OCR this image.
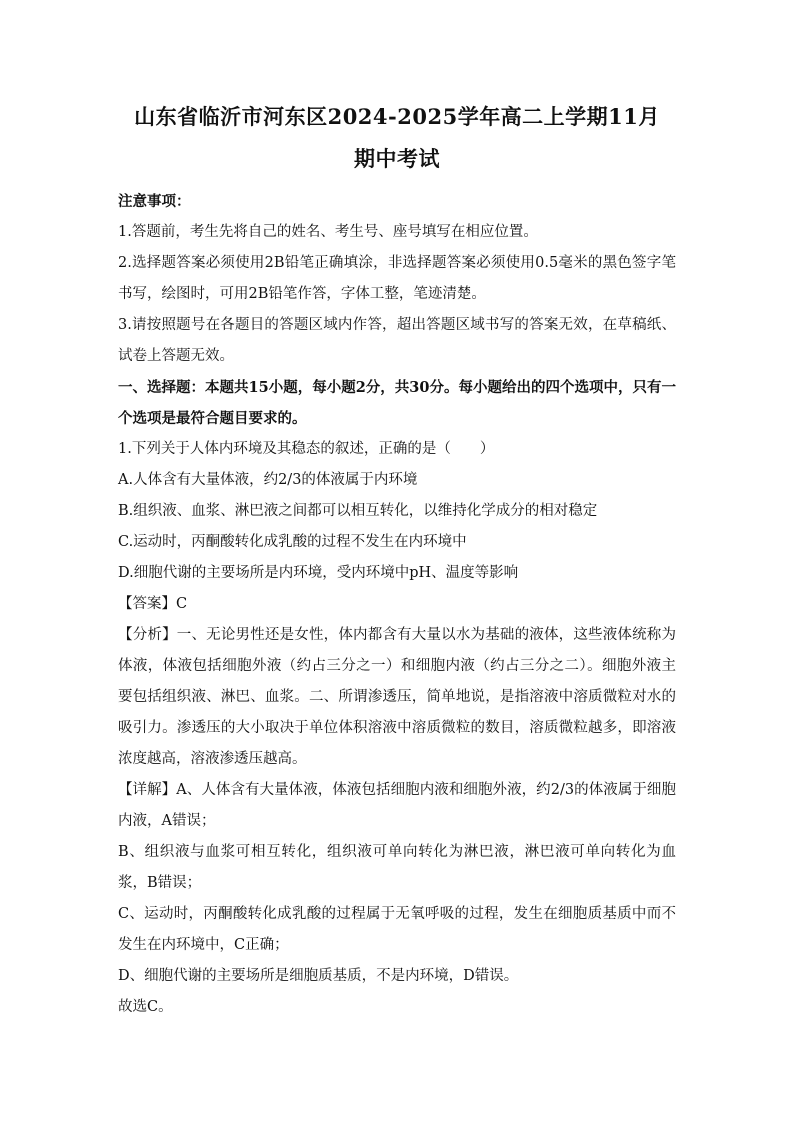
山东省临沂市河东区2024-2025学年高二上学期11月
期中考试

注意事项：

1.答题前，考生先将自己的姓名、考生号、座号填写在相应位置。

2.选择题答案必须使用2B铅笔正确填涂，非选择题答案必须使用0.5毫米的黑色签字笔书写，绘图时，可用2B铅笔作答，字体工整，笔迹清楚。

3.请按照题号在各题目的答题区域内作答，超出答题区域书写的答案无效，在草稿纸、试卷上答题无效。

一、选择题：本题共15小题，每小题2分，共30分。每小题给出的四个选项中，只有一个选项是最符合题目要求的。

1.下列关于人体内环境及其稳态的叙述，正确的是（　　）

A.人体含有大量体液，约2/3的体液属于内环境

B.组织液、血浆、淋巴液之间都可以相互转化，以维持化学成分的相对稳定

C.运动时，丙酮酸转化成乳酸的过程不发生在内环境中

D.细胞代谢的主要场所是内环境，受内环境中pH、温度等影响

【答案】C

【分析】一、无论男性还是女性，体内都含有大量以水为基础的液体，这些液体统称为体液，体液包括细胞外液（约占三分之一）和细胞内液（约占三分之二）。细胞外液主要包括组织液、淋巴、血浆。二、所谓渗透压，简单地说，是指溶液中溶质微粒对水的吸引力。渗透压的大小取决于单位体积溶液中溶质微粒的数目，溶质微粒越多，即溶液浓度越高，溶液渗透压越高。

【详解】A、人体含有大量体液，体液包括细胞内液和细胞外液，约2/3的体液属于细胞内液，A错误；

B、组织液与血浆可相互转化，组织液可单向转化为淋巴液，淋巴液可单向转化为血浆，B错误；

C、运动时，丙酮酸转化成乳酸的过程属于无氧呼吸的过程，发生在细胞质基质中而不发生在内环境中，C正确；

D、细胞代谢的主要场所是细胞质基质，不是内环境，D错误。

故选C。
